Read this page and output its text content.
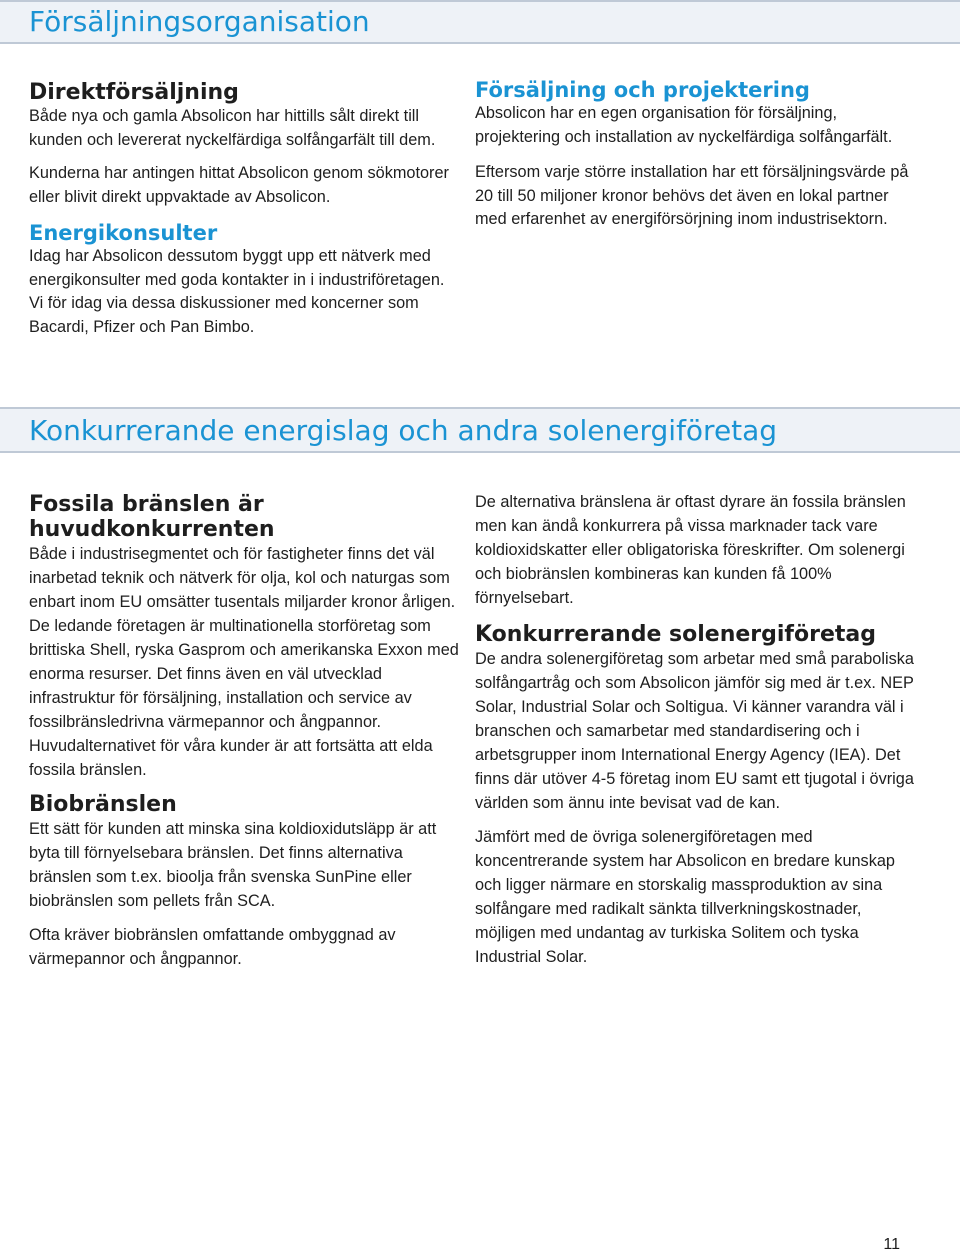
Försäljningsorganisation
Direktförsäljning

Både nya och gamla Absolicon har hittills sålt direkt till kunden och levererat nyckelfärdiga solfångarfält till dem.

Kunderna har antingen hittat Absolicon genom sökmotorer eller blivit direkt uppvaktade av Absolicon.

Energikonsulter

Idag har Absolicon dessutom byggt upp ett nätverk med energikonsulter med goda kontakter in i industriföretagen. Vi för idag via dessa diskussioner med koncerner som Bacardi, Pfizer och Pan Bimbo.

Försäljning och projektering

Absolicon har en egen organisation för försäljning, projektering och installation av nyckelfärdiga solfångarfält.

Eftersom varje större installation har ett försäljningsvärde på 20 till 50 miljoner kronor behövs det även en lokal partner med erfarenhet av energiförsörjning inom industrisektorn.

Konkurrerande energislag och andra solenergiföretag
Fossila bränslen är huvudkonkurrenten

Både i industrisegmentet och för fastigheter finns det väl inarbetad teknik och nätverk för olja, kol och naturgas som enbart inom EU omsätter tusentals miljarder kronor årligen. De ledande företagen är multinationella storföretag som brittiska Shell, ryska Gasprom och amerikanska Exxon med enorma resurser. Det finns även en väl utvecklad infrastruktur för försäljning, installation och service av fossilbränsledrivna värmepannor och ångpannor. Huvudalternativet för våra kunder är att fortsätta att elda fossila bränslen.

Biobränslen

Ett sätt för kunden att minska sina koldioxidutsläpp är att byta till förnyelsebara bränslen. Det finns alternativa bränslen som t.ex. bioolja från svenska SunPine eller biobränslen som pellets från SCA.

Ofta kräver biobränslen omfattande ombyggnad av värmepannor och ångpannor.

De alternativa bränslena är oftast dyrare än fossila bränslen men kan ändå konkurrera på vissa marknader tack vare koldioxidskatter eller obligatoriska föreskrifter. Om solenergi och biobränslen kombineras kan kunden få 100% förnyelsebart.

Konkurrerande solenergiföretag

De andra solenergiföretag som arbetar med små paraboliska solfångartråg och som Absolicon jämför sig med är t.ex. NEP Solar, Industrial Solar och Soltigua. Vi känner varandra väl i branschen och samarbetar med standardisering och i arbetsgrupper inom International Energy Agency (IEA). Det finns där utöver 4-5 företag inom EU samt ett tjugotal i övriga världen som ännu inte bevisat vad de kan.

Jämfört med de övriga solenergiföretagen med koncentrerande system har Absolicon en bredare kunskap och ligger närmare en storskalig massproduktion av sina solfångare med radikalt sänkta tillverkningskostnader, möjligen med undantag av turkiska Solitem och tyska Industrial Solar.

11
